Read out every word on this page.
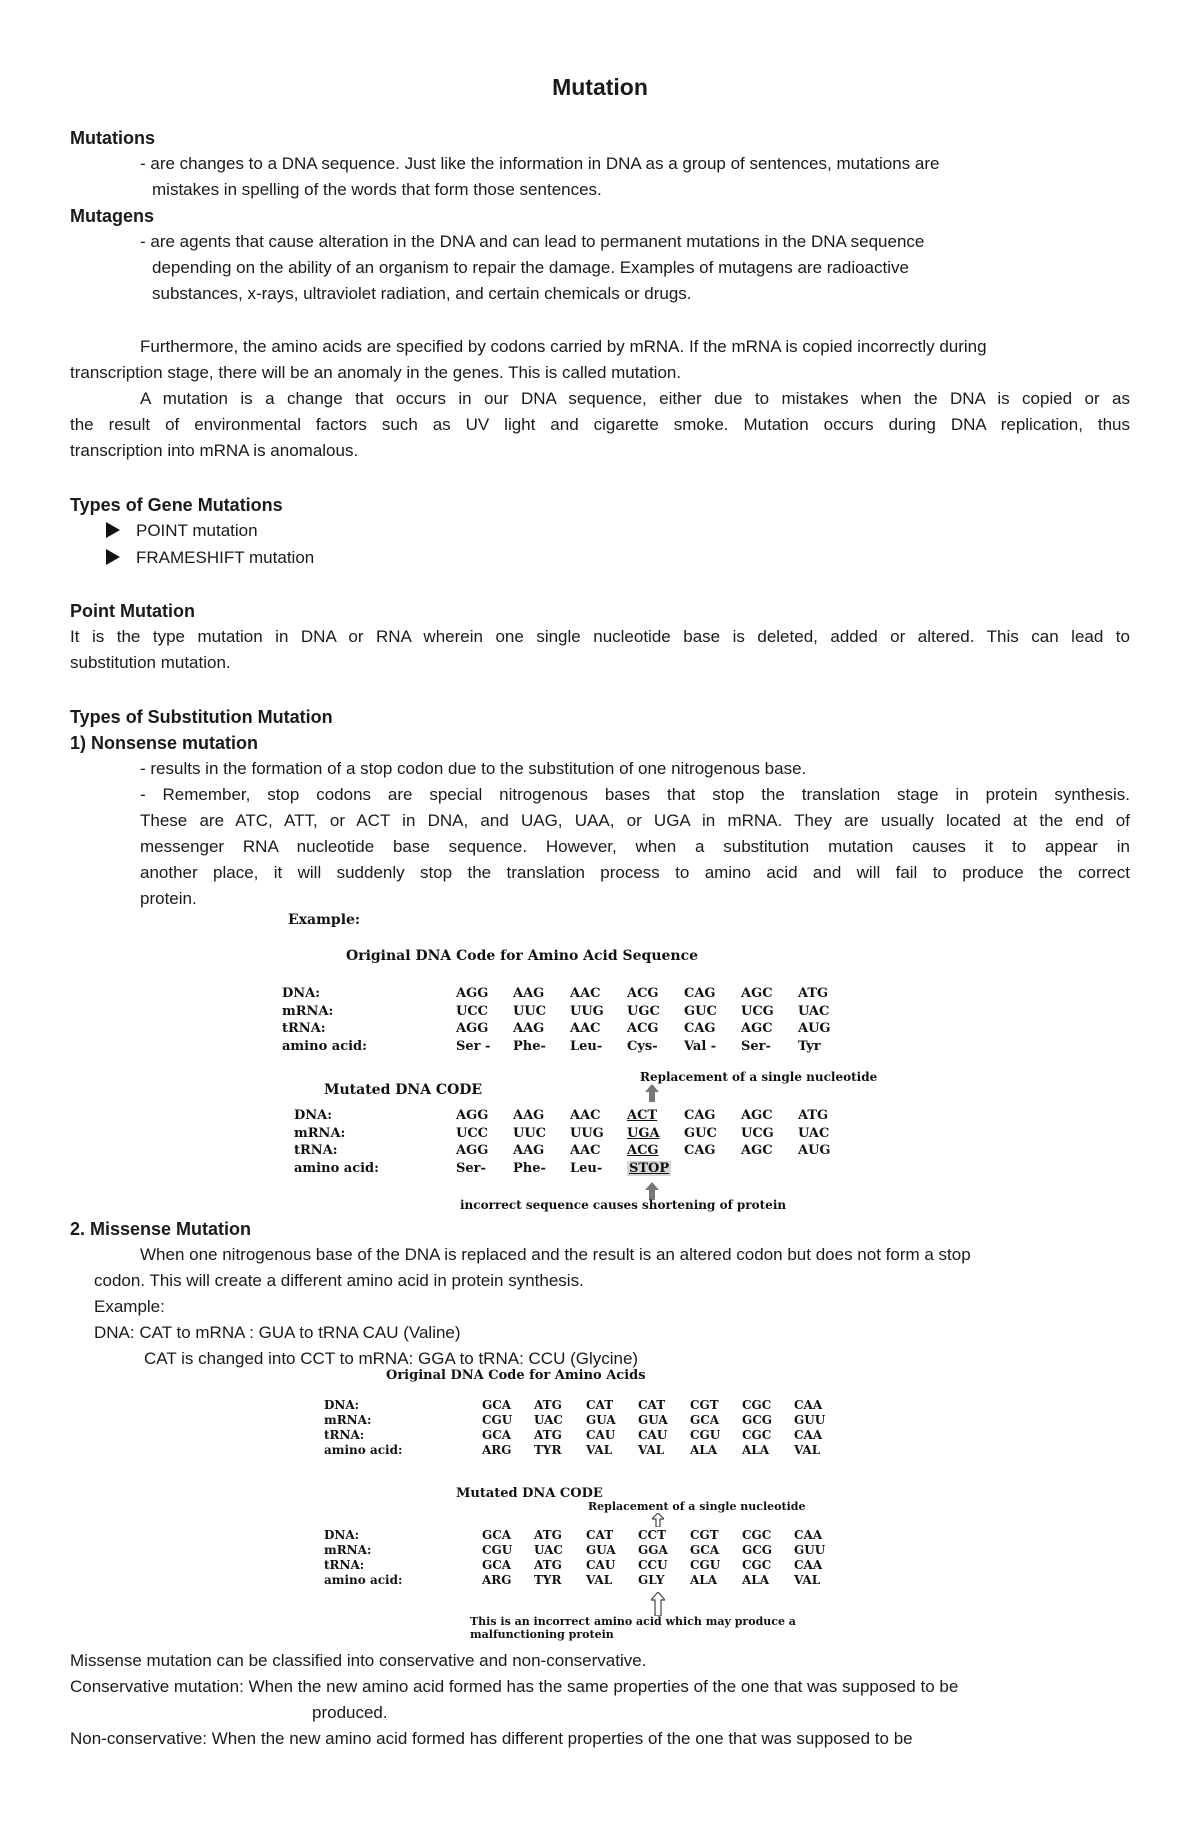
Mutation
Mutations
- are changes to a DNA sequence. Just like the information in DNA as a group of sentences, mutations are
mistakes in spelling of the words that form those sentences.
Mutagens
- are agents that cause alteration in the DNA and can lead to permanent mutations in the DNA sequence
depending on the ability of an organism to repair the damage. Examples of mutagens are radioactive
substances, x-rays, ultraviolet radiation, and certain chemicals or drugs.
Furthermore, the amino acids are specified by codons carried by mRNA. If the mRNA is copied incorrectly during
transcription stage, there will be an anomaly in the genes. This is called mutation.
A mutation is a change that occurs in our DNA sequence, either due to mistakes when the DNA is copied or as
the result of environmental factors such as UV light and cigarette smoke. Mutation occurs during DNA replication, thus
transcription into mRNA is anomalous.
Types of Gene Mutations
POINT mutation
FRAMESHIFT mutation
Point Mutation
It is the type mutation in DNA or RNA wherein one single nucleotide base is deleted, added or altered. This can lead to
substitution mutation.
Types of Substitution Mutation
1) Nonsense mutation
- results in the formation of a stop codon due to the substitution of one nitrogenous base.
- Remember, stop codons are special nitrogenous bases that stop the translation stage in protein synthesis.
These are ATC, ATT, or ACT in DNA, and UAG, UAA, or UGA in mRNA. They are usually located at the end of
messenger RNA nucleotide base sequence. However, when a substitution mutation causes it to appear in
another place, it will suddenly stop the translation process to amino acid and will fail to produce the correct
protein.
Example:
Original DNA Code for Amino Acid Sequence
DNA:	AGG AAG AAC ACG CAG AGC ATG
mRNA:	UCC UUC UUG UGC GUC UCG UAC
tRNA:	AGG AAG AAC ACG CAG AGC AUG
amino acid:	Ser - Phe- Leu- Cys- Val - Ser- Tyr
Replacement of a single nucleotide
Mutated DNA CODE
DNA:	AGG AAG AAC ACT CAG AGC ATG
mRNA:	UCC UUC UUG UGA GUC UCG UAC
tRNA:	AGG AAG AAC ACG CAG AGC AUG
amino acid:	Ser- Phe- Leu- STOP
incorrect sequence causes shortening of protein
2. Missense Mutation
When one nitrogenous base of the DNA is replaced and the result is an altered codon but does not form a stop
codon. This will create a different amino acid in protein synthesis.
Example:
DNA: CAT to mRNA : GUA to tRNA CAU (Valine)
CAT is changed into CCT to mRNA: GGA to tRNA: CCU (Glycine)
Original DNA Code for Amino Acids
DNA:	GCA ATG CAT CAT CGT CGC CAA
mRNA:	CGU UAC GUA GUA GCA GCG GUU
tRNA:	GCA ATG CAU CAU CGU CGC CAA
amino acid:	ARG TYR VAL VAL ALA ALA VAL
Mutated DNA CODE
Replacement of a single nucleotide
DNA:	GCA ATG CAT CCT CGT CGC CAA
mRNA:	CGU UAC GUA GGA GCA GCG GUU
tRNA:	GCA ATG CAU CCU CGU CGC CAA
amino acid:	ARG TYR VAL GLY ALA ALA VAL
This is an incorrect amino acid which may produce a
malfunctioning protein
Missense mutation can be classified into conservative and non-conservative.
Conservative mutation: When the new amino acid formed has the same properties of the one that was supposed to be
produced.
Non-conservative: When the new amino acid formed has different properties of the one that was supposed to be
